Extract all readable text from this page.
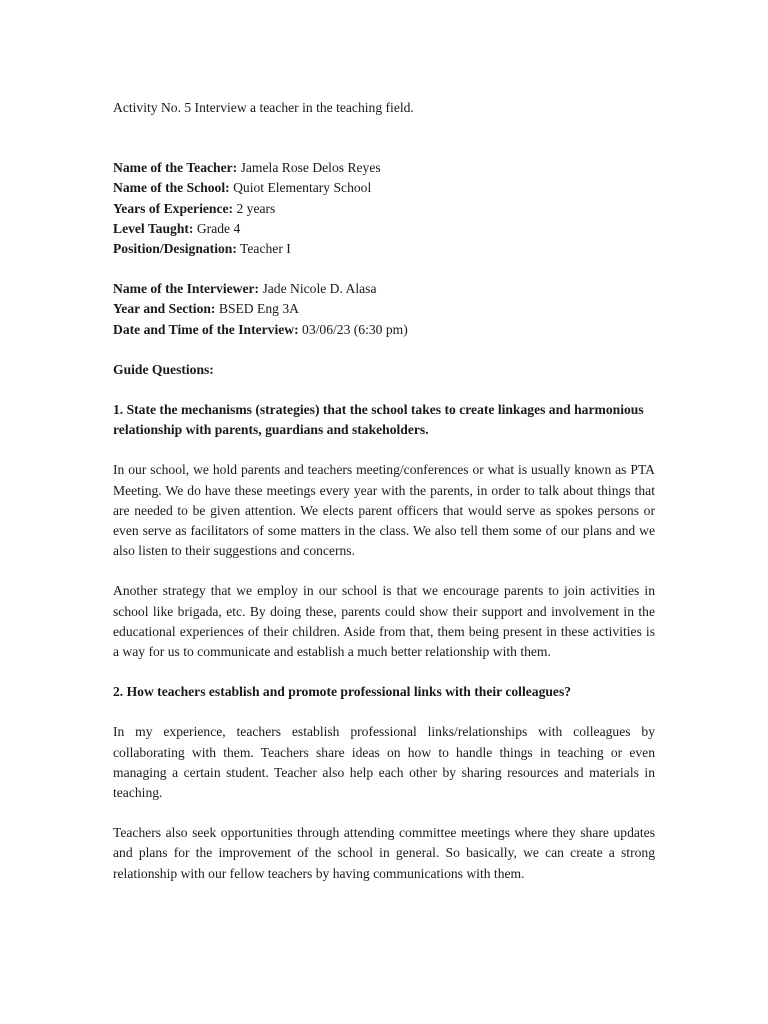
Activity No. 5 Interview a teacher in the teaching field.
Name of the Teacher: Jamela Rose Delos Reyes
Name of the School: Quiot Elementary School
Years of Experience: 2 years
Level Taught: Grade 4
Position/Designation: Teacher I
Name of the Interviewer: Jade Nicole D. Alasa
Year and Section: BSED Eng 3A
Date and Time of the Interview: 03/06/23 (6:30 pm)
Guide Questions:
1. State the mechanisms (strategies) that the school takes to create linkages and harmonious relationship with parents, guardians and stakeholders.

In our school, we hold parents and teachers meeting/conferences or what is usually known as PTA Meeting. We do have these meetings every year with the parents, in order to talk about things that are needed to be given attention. We elects parent officers that would serve as spokes persons or even serve as facilitators of some matters in the class. We also tell them some of our plans and we also listen to their suggestions and concerns.

Another strategy that we employ in our school is that we encourage parents to join activities in school like brigada, etc. By doing these, parents could show their support and involvement in the educational experiences of their children. Aside from that, them being present in these activities is a way for us to communicate and establish a much better relationship with them.

2. How teachers establish and promote professional links with their colleagues?

In my experience, teachers establish professional links/relationships with colleagues by collaborating with them. Teachers share ideas on how to handle things in teaching or even managing a certain student. Teacher also help each other by sharing resources and materials in teaching.

Teachers also seek opportunities through attending committee meetings where they share updates and plans for the improvement of the school in general. So basically, we can create a strong relationship with our fellow teachers by having communications with them.
